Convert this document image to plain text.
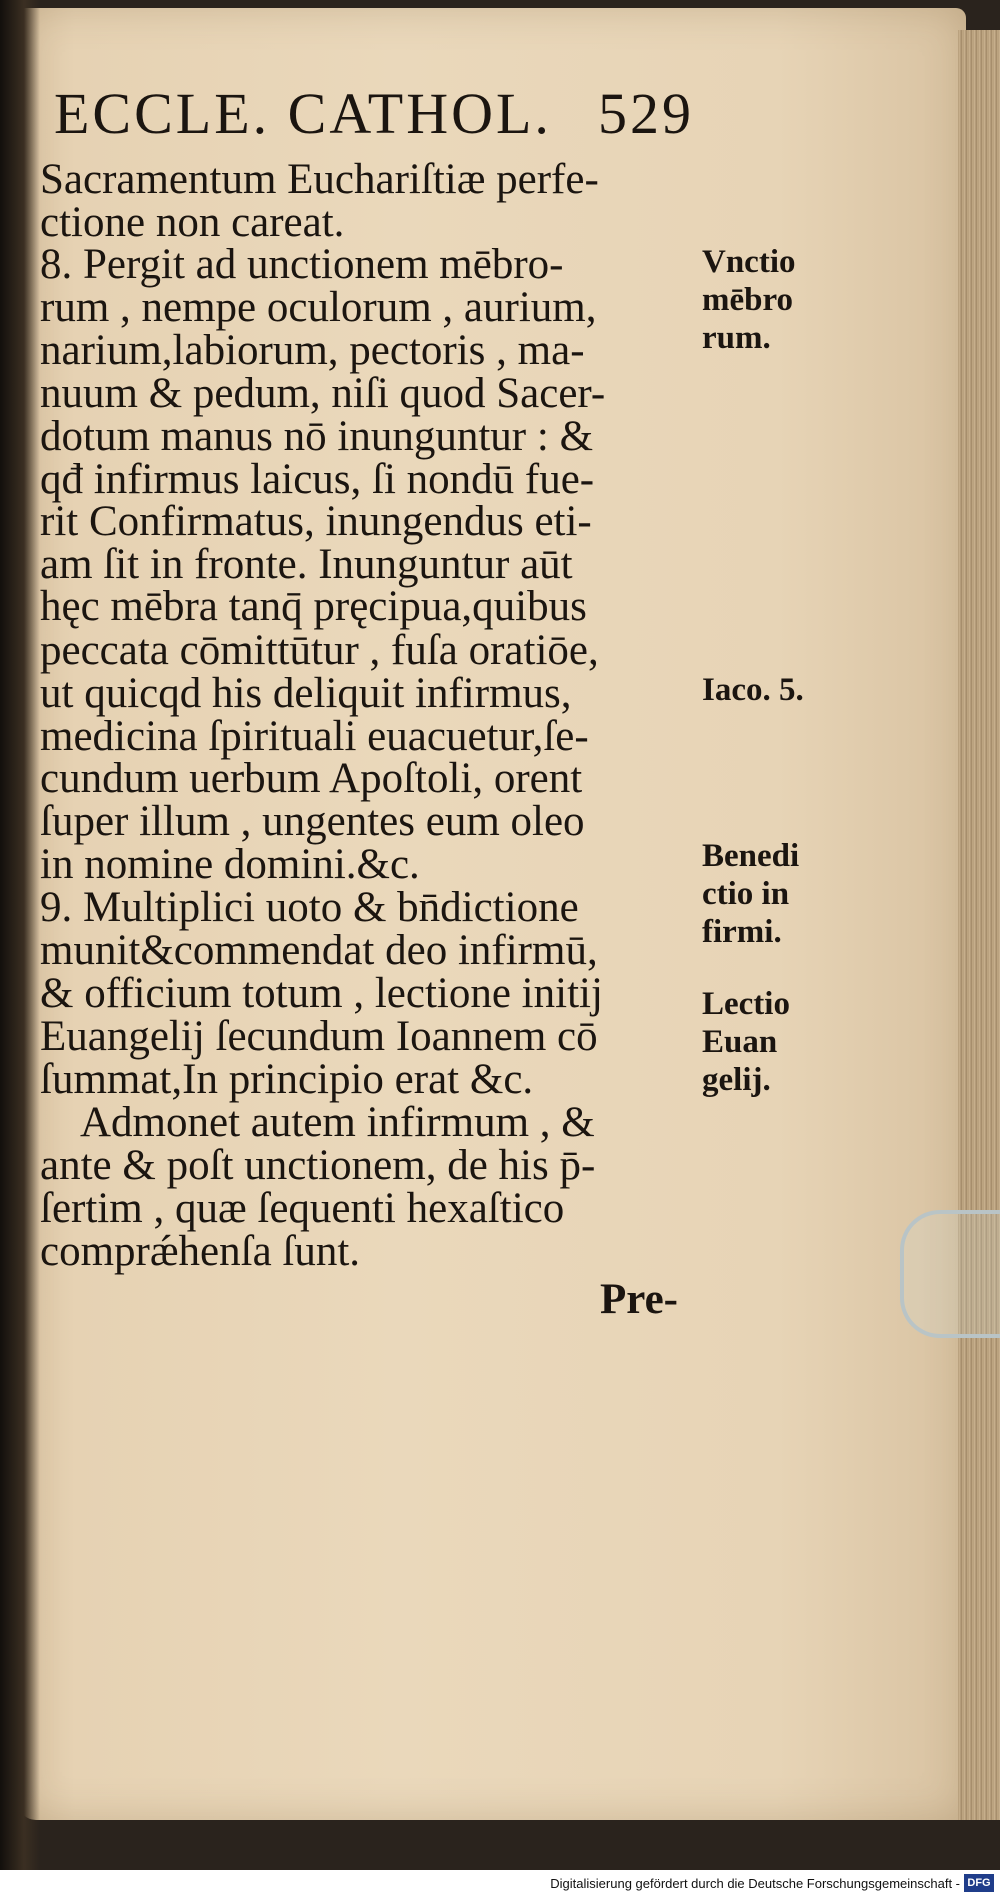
ECCLE. CATHOL. 529
Sacramentum Euchariſtiæ perfe-
ctione non careat.
8. Pergit ad unctionem mēbro-
rum , nempe oculorum , aurium,
narium,labiorum, pectoris , ma-
nuum & pedum, niſi quod Sacer-
dotum manus nō inunguntur : &
qđ infirmus laicus, ſi nondū fue-
rit Confirmatus, inungendus eti-
am ſit in fronte. Inunguntur aūt
hęc mēbra tanq̄ pręcipua,quibus
peccata cōmittūtur , fuſa oratiōe,
ut quicqd his deliquit infirmus,
medicina ſpirituali euacuetur,ſe-
cundum uerbum Apoſtoli, orent
ſuper illum , ungentes eum oleo
in nomine domini.&c.
9. Multiplici uoto & bn̄dictione
munit&commendat deo infirmū,
& officium totum , lectione initij
Euangelij ſecundum Ioannem cō
ſummat,In principio erat &c.
Admonet autem infirmum , &
ante & poſt unctionem, de his p̄-
ſertim , quæ ſequenti hexaſtico
comprǽhenſa ſunt.
Pre-
Vnctio
mēbro
rum.
Iaco. 5.
Benedi
ctio in
firmi.
Lectio
Euan
gelij.
Digitalisierung gefördert durch die Deutsche Forschungsgemeinschaft - DFG
